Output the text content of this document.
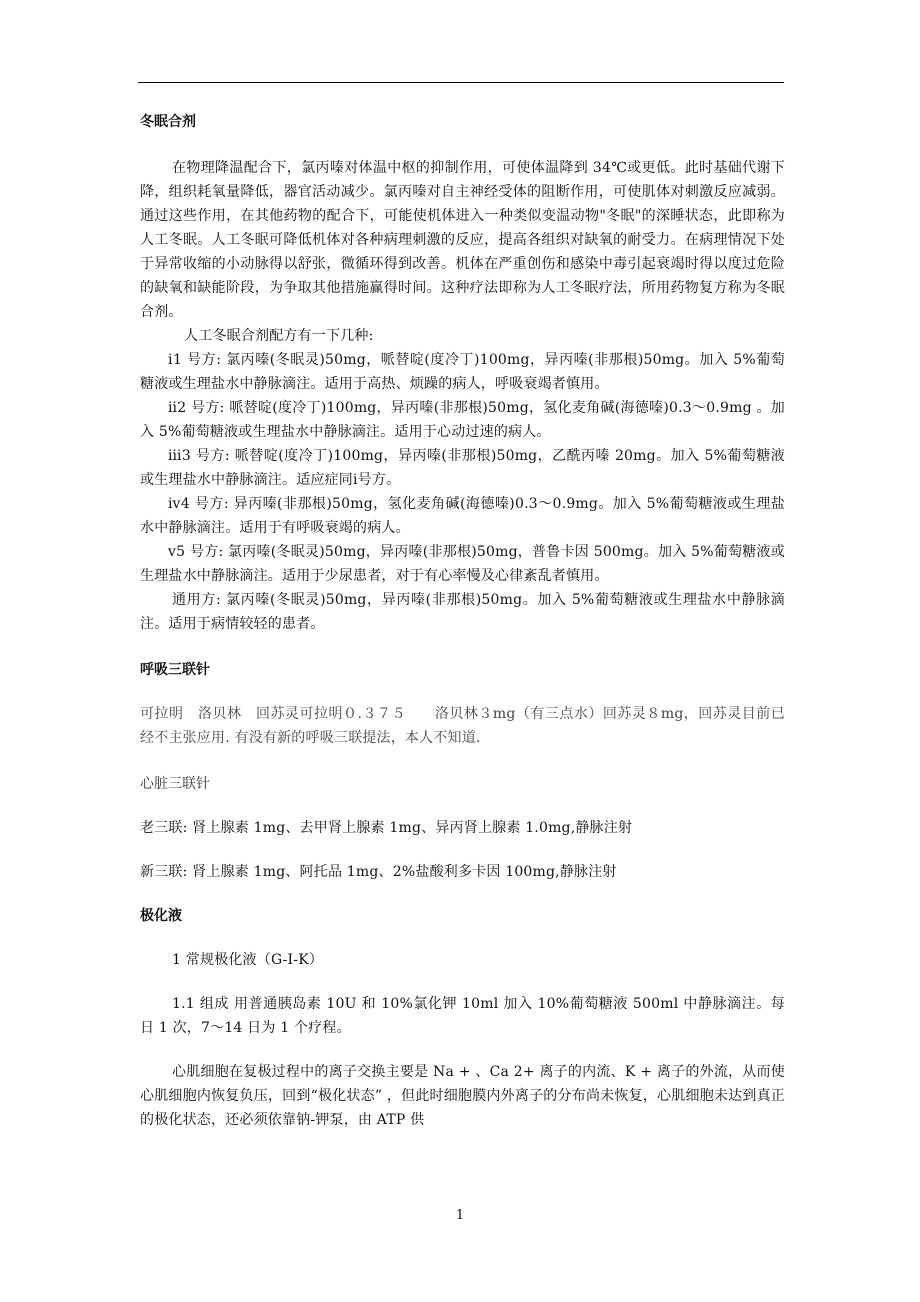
冬眠合剂

在物理降温配合下，氯丙嗪对体温中枢的抑制作用，可使体温降到 34℃或更低。此时基础代谢下降，组织耗氧量降低，器官活动减少。氯丙嗪对自主神经受体的阻断作用，可使肌体对刺激反应减弱。通过这些作用，在其他药物的配合下，可能使机体进入一种类似变温动物"冬眠"的深睡状态，此即称为人工冬眠。人工冬眠可降低机体对各种病理刺激的反应，提高各组织对缺氧的耐受力。在病理情况下处于异常收缩的小动脉得以舒张，微循环得到改善。机体在严重创伤和感染中毒引起衰竭时得以度过危险的缺氧和缺能阶段，为争取其他措施赢得时间。这种疗法即称为人工冬眠疗法，所用药物复方称为冬眠合剂。

人工冬眠合剂配方有一下几种:

ⅰ1 号方: 氯丙嗪(冬眠灵)50mg，哌替啶(度冷丁)100mg，异丙嗪(非那根)50mg。加入 5%葡萄糖液或生理盐水中静脉滴注。适用于高热、烦躁的病人，呼吸衰竭者慎用。

ⅱ2 号方: 哌替啶(度冷丁)100mg，异丙嗪(非那根)50mg，氢化麦角碱(海德嗪)0.3～0.9mg 。加入 5%葡萄糖液或生理盐水中静脉滴注。适用于心动过速的病人。

ⅲ3 号方: 哌替啶(度冷丁)100mg，异丙嗪(非那根)50mg，乙酰丙嗪 20mg。加入 5%葡萄糖液或生理盐水中静脉滴注。适应症同ⅰ号方。

ⅳ4 号方: 异丙嗪(非那根)50mg，氢化麦角碱(海德嗪)0.3～0.9mg。加入 5%葡萄糖液或生理盐水中静脉滴注。适用于有呼吸衰竭的病人。

ⅴ5 号方: 氯丙嗪(冬眠灵)50mg，异丙嗪(非那根)50mg，普鲁卡因 500mg。加入 5%葡萄糖液或生理盐水中静脉滴注。适用于少尿患者，对于有心率慢及心律紊乱者慎用。

通用方: 氯丙嗪(冬眠灵)50mg，异丙嗪(非那根)50mg。加入 5%葡萄糖液或生理盐水中静脉滴注。适用于病情较轻的患者。

呼吸三联针

可拉明　洛贝林　回苏灵可拉明０.３７５　　洛贝林３mg（有三点水）回苏灵８mg，回苏灵目前已经不主张应用. 有没有新的呼吸三联提法，本人不知道.

心脏三联针

老三联: 肾上腺素 1mg、去甲肾上腺素 1mg、异丙肾上腺素 1.0mg,静脉注射

新三联: 肾上腺素 1mg、阿托品 1mg、2%盐酸利多卡因 100mg,静脉注射

极化液

1 常规极化液（G-I-K）

1.1 组成 用普通胰岛素 10U 和 10%氯化钾 10ml 加入 10%葡萄糖液 500ml 中静脉滴注。每日 1 次，7～14 日为 1 个疗程。

心肌细胞在复极过程中的离子交换主要是 Na + 、Ca 2+ 离子的内流、K + 离子的外流，从而使心肌细胞内恢复负压，回到“极化状态” ，但此时细胞膜内外离子的分布尚未恢复，心肌细胞未达到真正的极化状态，还必须依靠钠-钾泵，由 ATP 供

1
